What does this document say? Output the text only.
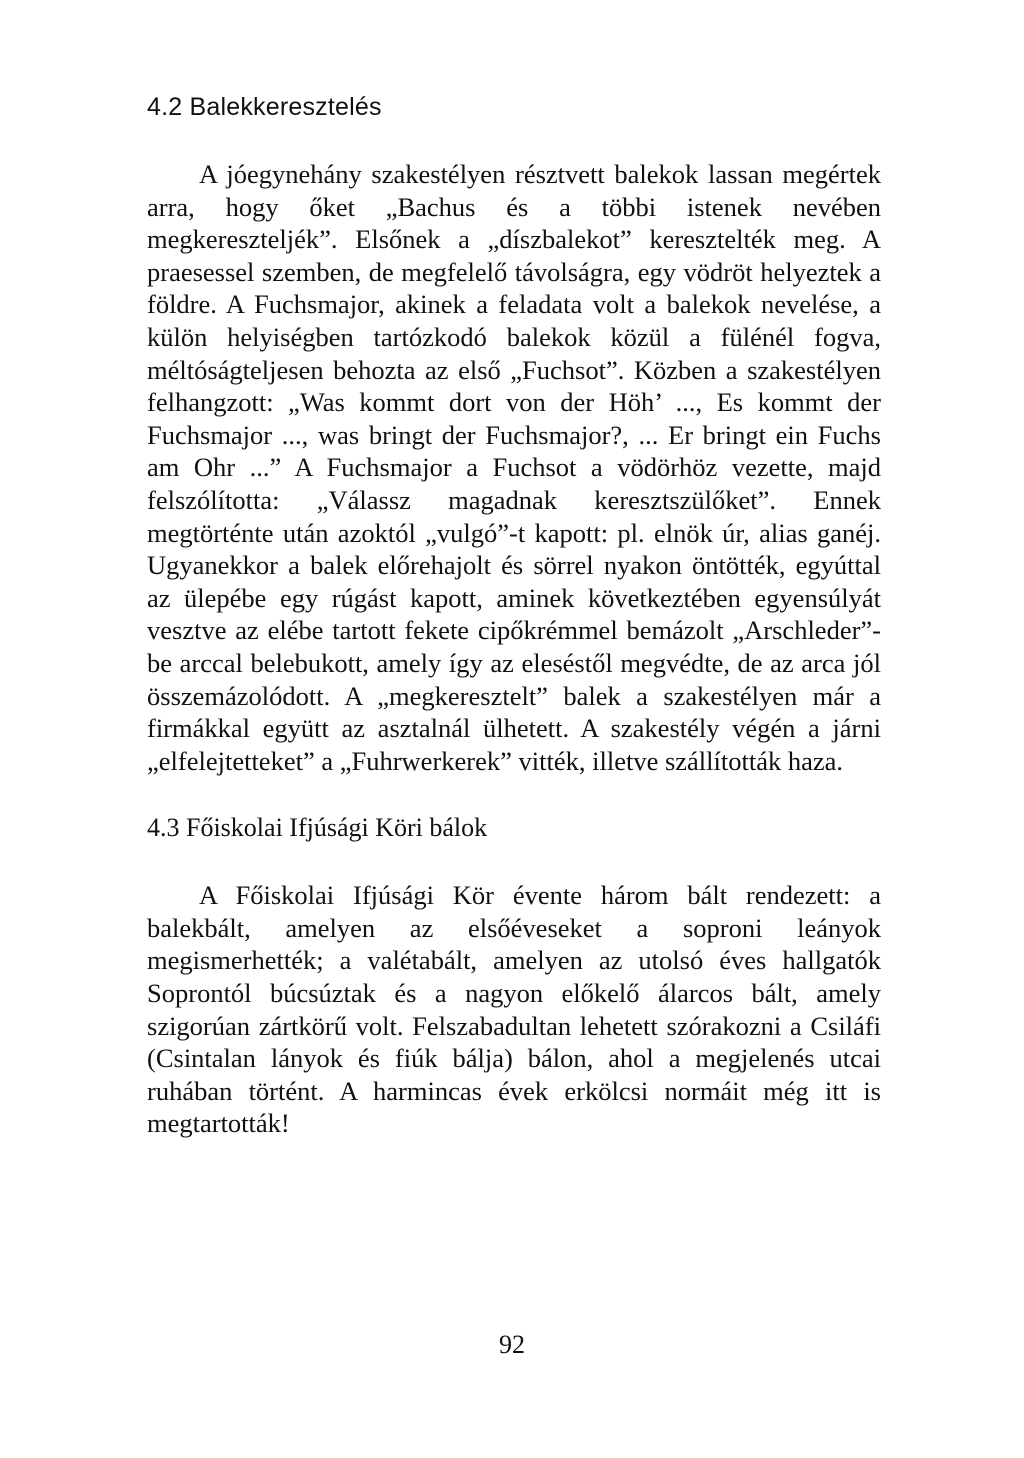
4.2 Balekkeresztelés

A jóegynehány szakestélyen résztvett balekok lassan megértek arra, hogy őket „Bachus és a többi istenek nevében megkereszteljék”. Elsőnek a „díszbalekot” keresztelték meg. A praesessel szemben, de megfelelő távolságra, egy vödröt helyeztek a földre. A Fuchsmajor, akinek a feladata volt a balekok nevelése, a külön helyiségben tartózkodó balekok közül a fülénél fogva, méltóságteljesen behozta az első „Fuchsot”. Közben a szakestélyen felhangzott: „Was kommt dort von der Höh’ ..., Es kommt der Fuchsmajor ..., was bringt der Fuchsmajor?, ... Er bringt ein Fuchs am Ohr ...” A Fuchsmajor a Fuchsot a vödörhöz vezette, majd felszólította: „Válassz magadnak keresztszülőket”. Ennek megtörténte után azoktól „vulgó”-t kapott: pl. elnök úr, alias ganéj. Ugyanekkor a balek előrehajolt és sörrel nyakon öntötték, egyúttal az ülepébe egy rúgást kapott, aminek következtében egyensúlyát vesztve az elébe tartott fekete cipőkrémmel bemázolt „Arschleder”-be arccal belebukott, amely így az eleséstől megvédte, de az arca jól összemázolódott. A „megkeresztelt” balek a szakestélyen már a firmákkal együtt az asztalnál ülhetett. A szakestély végén a járni „elfelejtetteket” a „Fuhrwerkerek” vitték, illetve szállították haza.

4.3 Főiskolai Ifjúsági Köri bálok

A Főiskolai Ifjúsági Kör évente három bált rendezett: a balekbált, amelyen az elsőéveseket a soproni leányok megismerhették; a valétabált, amelyen az utolsó éves hallgatók Soprontól búcsúztak és a nagyon előkelő álarcos bált, amely szigorúan zártkörű volt. Felszabadultan lehetett szórakozni a Csiláfi (Csintalan lányok és fiúk bálja) bálon, ahol a megjelenés utcai ruhában történt. A harmincas évek erkölcsi normáit még itt is megtartották!

92
